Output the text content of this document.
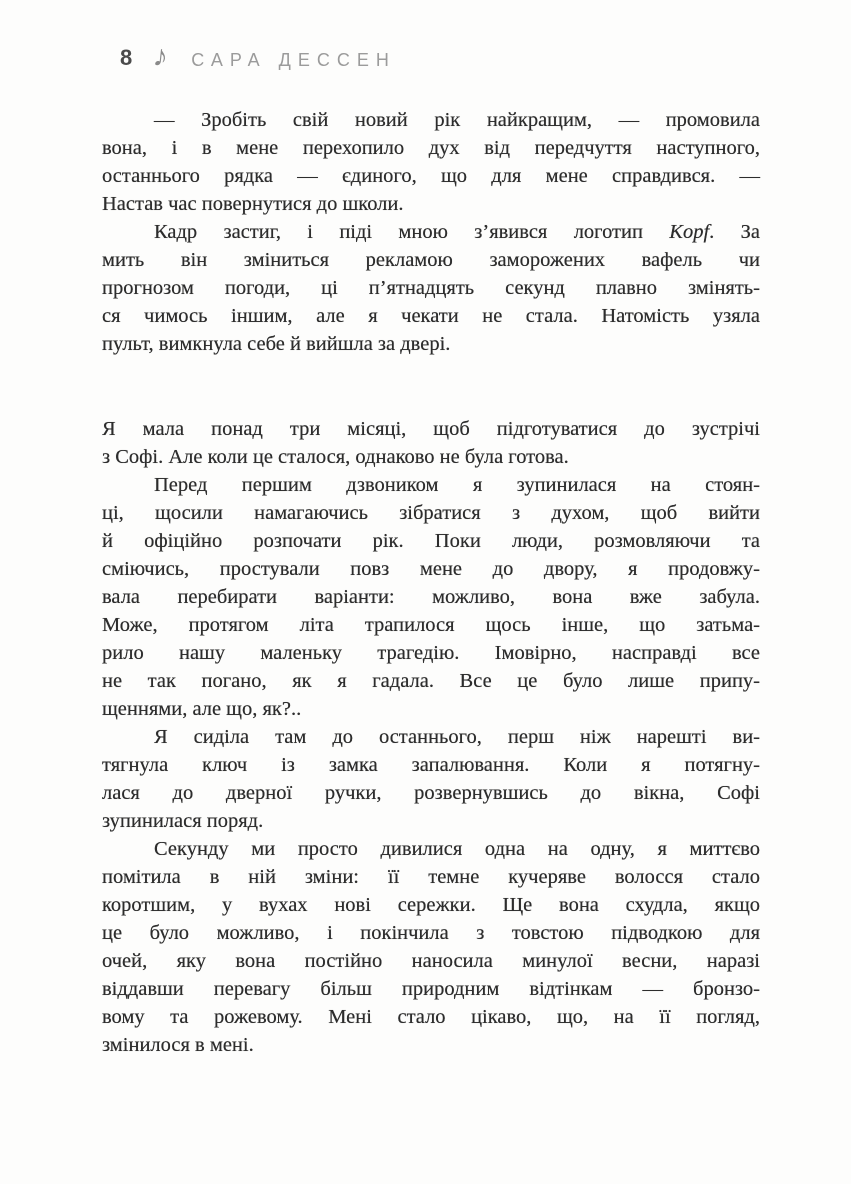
8 ♪ САРА ДЕССЕН
— Зробіть свій новий рік найкращим, — промовила
вона, і в мене перехопило дух від передчуття наступного,
останнього рядка — єдиного, що для мене справдився. —
Настав час повернутися до школи.
Кадр застиг, і піді мною з’явився логотип Kopf. За
мить він зміниться рекламою заморожених вафель чи
прогнозом погоди, ці п’ятнадцять секунд плавно змінять-
ся чимось іншим, але я чекати не стала. Натомість узяла
пульт, вимкнула себе й вийшла за двері.
Я мала понад три місяці, щоб підготуватися до зустрічі
з Софі. Але коли це сталося, однаково не була готова.
Перед першим дзвоником я зупинилася на стоян-
ці, щосили намагаючись зібратися з духом, щоб вийти
й офіційно розпочати рік. Поки люди, розмовляючи та
сміючись, простували повз мене до двору, я продовжу-
вала перебирати варіанти: можливо, вона вже забула.
Може, протягом літа трапилося щось інше, що затьма-
рило нашу маленьку трагедію. Імовірно, насправді все
не так погано, як я гадала. Все це було лише припу-
щеннями, але що, як?..
Я сиділа там до останнього, перш ніж нарешті ви-
тягнула ключ із замка запалювання. Коли я потягну-
лася до дверної ручки, розвернувшись до вікна, Софі
зупинилася поряд.
Секунду ми просто дивилися одна на одну, я миттєво
помітила в ній зміни: її темне кучеряве волосся стало
коротшим, у вухах нові сережки. Ще вона схудла, якщо
це було можливо, і покінчила з товстою підводкою для
очей, яку вона постійно наносила минулої весни, наразі
віддавши перевагу більш природним відтінкам — бронзо-
вому та рожевому. Мені стало цікаво, що, на її погляд,
змінилося в мені.
